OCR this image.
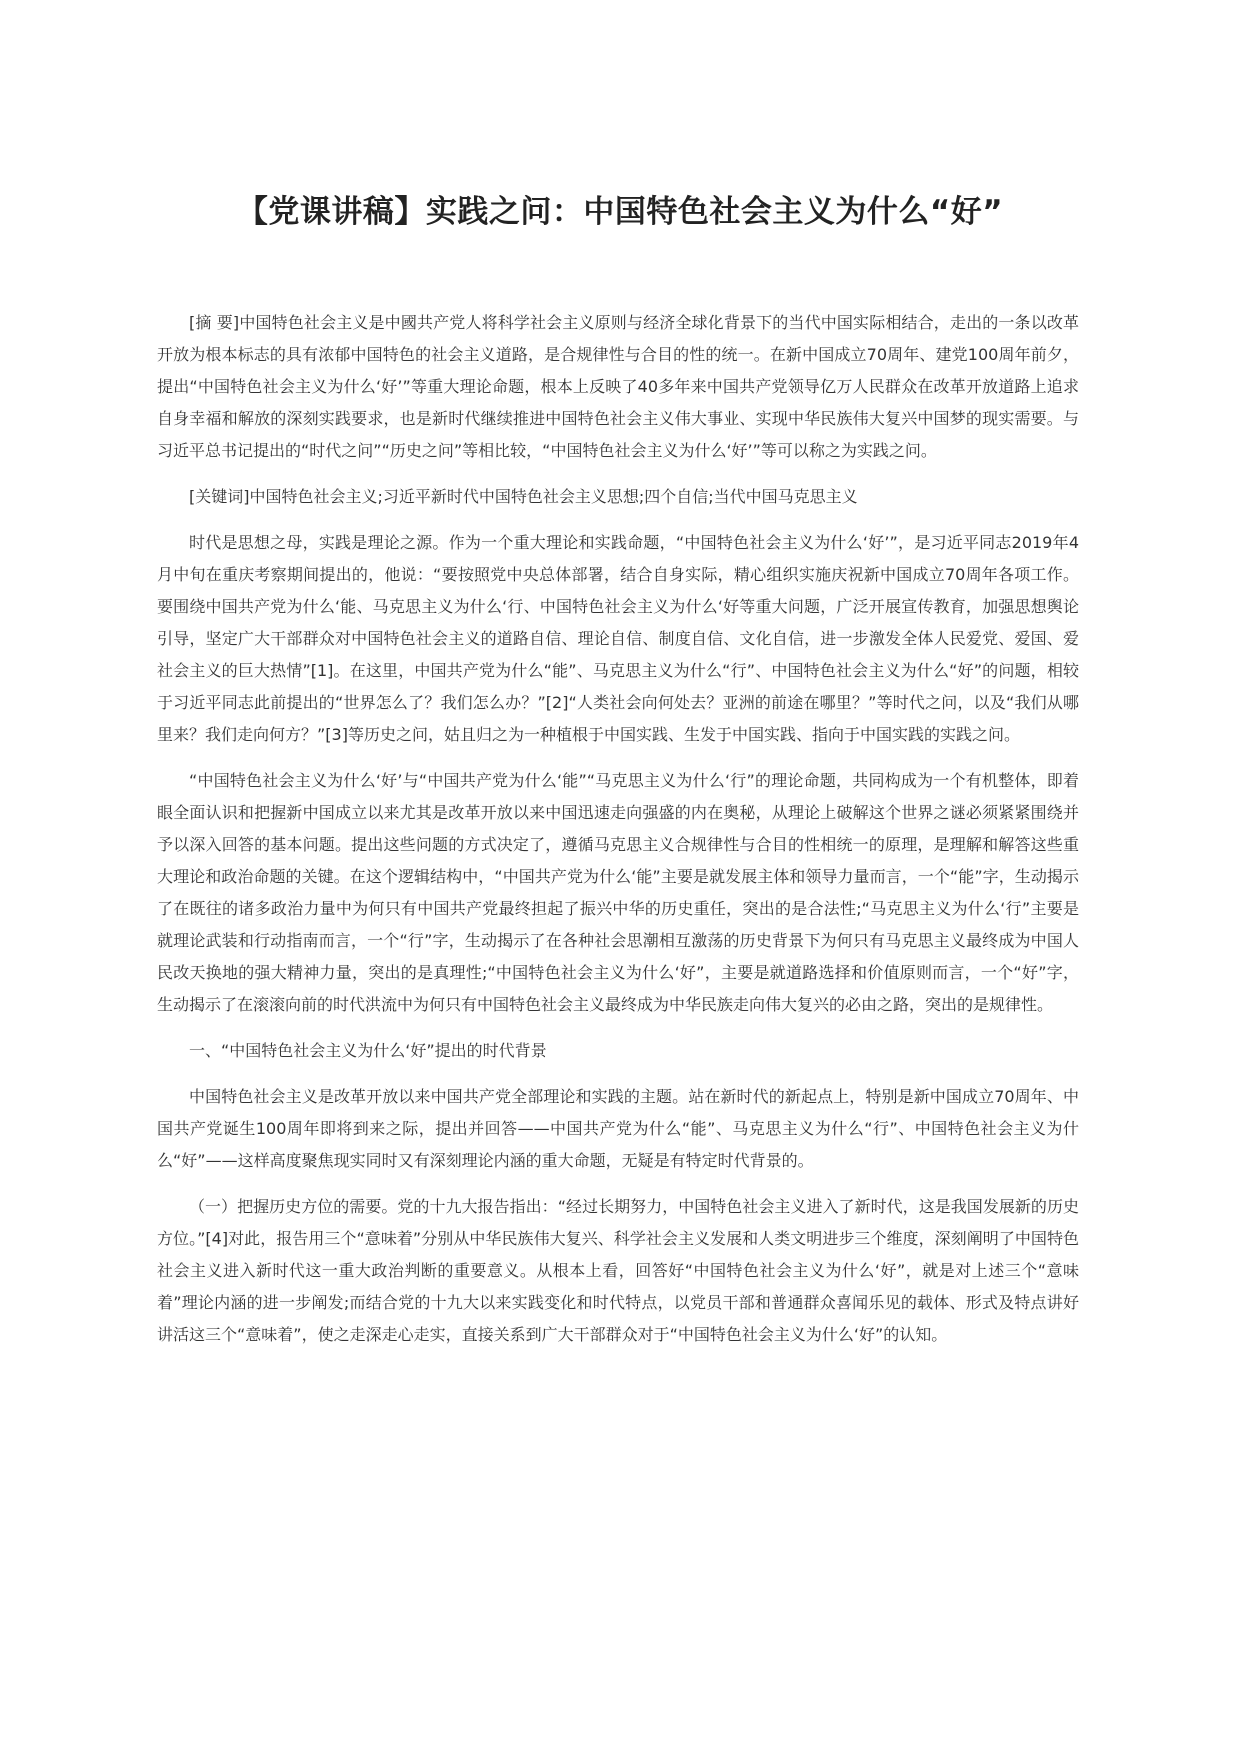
【党课讲稿】实践之问：中国特色社会主义为什么“好”

[摘 要]中国特色社会主义是中國共产党人将科学社会主义原则与经济全球化背景下的当代中国实际相结合，走出的一条以改革开放为根本标志的具有浓郁中国特色的社会主义道路，是合规律性与合目的性的统一。在新中国成立70周年、建党100周年前夕，提出“中国特色社会主义为什么‘好’”等重大理论命题，根本上反映了40多年来中国共产党领导亿万人民群众在改革开放道路上追求自身幸福和解放的深刻实践要求，也是新时代继续推进中国特色社会主义伟大事业、实现中华民族伟大复兴中国梦的现实需要。与习近平总书记提出的“时代之问”“历史之问”等相比较，“中国特色社会主义为什么‘好’”等可以称之为实践之问。

[关键词]中国特色社会主义;习近平新时代中国特色社会主义思想;四个自信;当代中国马克思主义

时代是思想之母，实践是理论之源。作为一个重大理论和实践命题，“中国特色社会主义为什么‘好’”，是习近平同志2019年4月中旬在重庆考察期间提出的，他说：“要按照党中央总体部署，结合自身实际，精心组织实施庆祝新中国成立70周年各项工作。要围绕中国共产党为什么‘能、马克思主义为什么‘行、中国特色社会主义为什么‘好等重大问题，广泛开展宣传教育，加强思想舆论引导，坚定广大干部群众对中国特色社会主义的道路自信、理论自信、制度自信、文化自信，进一步激发全体人民爱党、爱国、爱社会主义的巨大热情”[1]。在这里，中国共产党为什么“能”、马克思主义为什么“行”、中国特色社会主义为什么“好”的问题，相较于习近平同志此前提出的“世界怎么了？我们怎么办？”[2]“人类社会向何处去？亚洲的前途在哪里？”等时代之问，以及“我们从哪里来？我们走向何方？”[3]等历史之问，姑且归之为一种植根于中国实践、生发于中国实践、指向于中国实践的实践之问。

“中国特色社会主义为什么‘好’与“中国共产党为什么‘能”“马克思主义为什么‘行”的理论命题，共同构成为一个有机整体，即着眼全面认识和把握新中国成立以来尤其是改革开放以来中国迅速走向强盛的内在奥秘，从理论上破解这个世界之谜必须紧紧围绕并予以深入回答的基本问题。提出这些问题的方式决定了，遵循马克思主义合规律性与合目的性相统一的原理，是理解和解答这些重大理论和政治命题的关键。在这个逻辑结构中，“中国共产党为什么‘能”主要是就发展主体和领导力量而言，一个“能”字，生动揭示了在既往的诸多政治力量中为何只有中国共产党最终担起了振兴中华的历史重任，突出的是合法性;“马克思主义为什么‘行”主要是就理论武装和行动指南而言，一个“行”字，生动揭示了在各种社会思潮相互激荡的历史背景下为何只有马克思主义最终成为中国人民改天换地的强大精神力量，突出的是真理性;“中国特色社会主义为什么‘好”，主要是就道路选择和价值原则而言，一个“好”字，生动揭示了在滚滚向前的时代洪流中为何只有中国特色社会主义最终成为中华民族走向伟大复兴的必由之路，突出的是规律性。

一、“中国特色社会主义为什么‘好”提出的时代背景

中国特色社会主义是改革开放以来中国共产党全部理论和实践的主题。站在新时代的新起点上，特别是新中国成立70周年、中国共产党诞生100周年即将到来之际，提出并回答——中国共产党为什么“能”、马克思主义为什么“行”、中国特色社会主义为什么“好”——这样高度聚焦现实同时又有深刻理论内涵的重大命题，无疑是有特定时代背景的。

（一）把握历史方位的需要。党的十九大报告指出：“经过长期努力，中国特色社会主义进入了新时代，这是我国发展新的历史方位。”[4]对此，报告用三个“意味着”分别从中华民族伟大复兴、科学社会主义发展和人类文明进步三个维度，深刻阐明了中国特色社会主义进入新时代这一重大政治判断的重要意义。从根本上看，回答好“中国特色社会主义为什么‘好”，就是对上述三个“意味着”理论内涵的进一步阐发;而结合党的十九大以来实践变化和时代特点，以党员干部和普通群众喜闻乐见的载体、形式及特点讲好讲活这三个“意味着”，使之走深走心走实，直接关系到广大干部群众对于“中国特色社会主义为什么‘好”的认知。
